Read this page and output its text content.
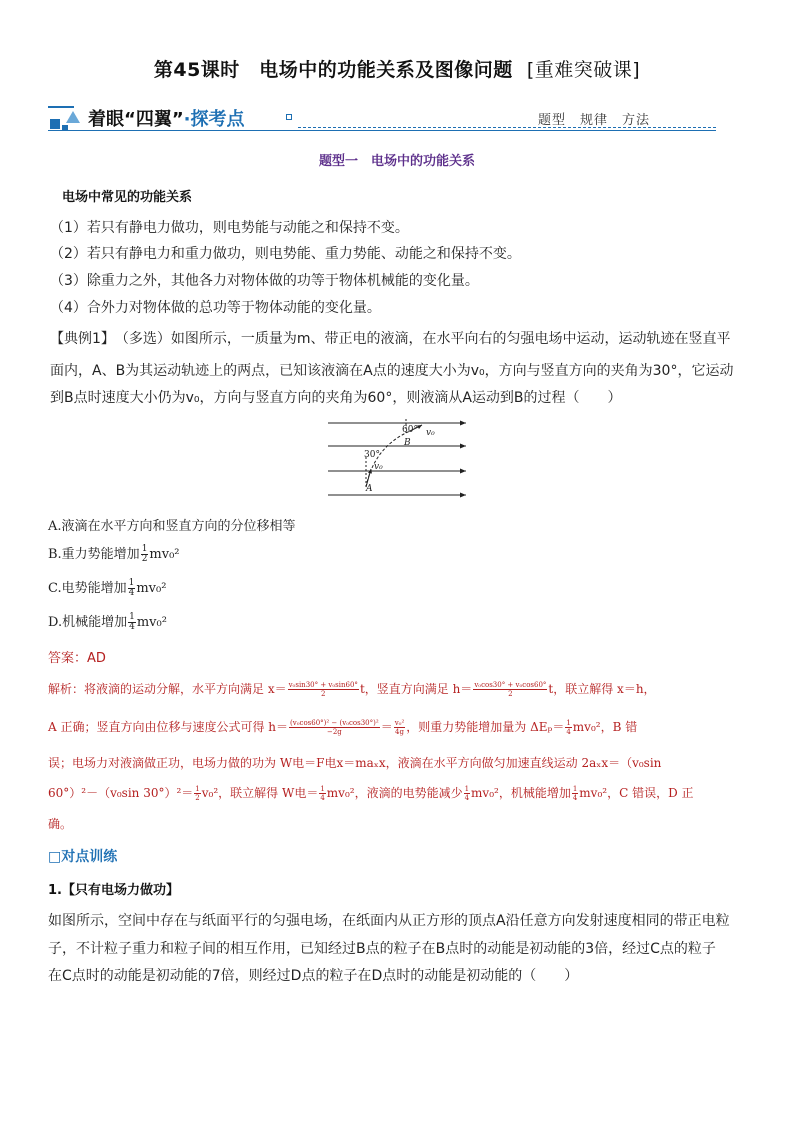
第45课时　电场中的功能关系及图像问题 [重难突破课]
着眼“四翼”·探考点	题型　规律　方法
题型一　电场中的功能关系
电场中常见的功能关系
（1）若只有静电力做功，则电势能与动能之和保持不变。
（2）若只有静电力和重力做功，则电势能、重力势能、动能之和保持不变。
（3）除重力之外，其他各力对物体做的功等于物体机械能的变化量。
（4）合外力对物体做的总功等于物体动能的变化量。
【典例1】　（多选）如图所示，一质量为m、带正电的液滴，在水平向右的匀强电场中运动，运动轨迹在竖直平
面内，A、B为其运动轨迹上的两点，已知该液滴在A点的速度大小为v₀，方向与竖直方向的夹角为30°，它运动
到B点时速度大小仍为v₀，方向与竖直方向的夹角为60°，则液滴从A运动到B的过程（　　）
60°
B
v₀
30°
v₀
A
A.液滴在水平方向和竖直方向的分位移相等
B.重力势能增加 $\frac{1}{2} mv_0^2$
C.电势能增加 $\frac{1}{4} mv_0^2$
D.机械能增加 $\frac{1}{4} mv_0^2$
答案：AD
解析：将液滴的运动分解，水平方向满足 $x= \frac{\text{v₀sin30° + v₀sin60°}}{2}$ t，竖直方向满足 $h= \frac{\text{v₀cos30° + v₀cos60°}}{2}$ t，联立解得 x＝h，
A 正确；竖直方向由位移与速度公式可得 $h= \frac{\text{(v₀cos60°)² − (v₀cos30°)²}}{-2g} = \frac{\text{v₀²}}{4g}$ ，则重力势能增加量为 $\Delta E_p= \frac{1}{4} mv_0^2$，B 错
误；电场力对液滴做正功，电场力做的功为 W电＝F电x＝maₓx，液滴在水平方向做匀加速直线运动 2aₓx＝（v₀sin
60°）²－（v₀sin $30^\circ)^2= \frac{1}{2} v_0^2$，联立解得 W电＝ $\frac{1}{4} mv_0^2$，液滴的电势能减少 $\frac{1}{4} mv_0^2$，机械能增加 $\frac{1}{4} mv_0^2$，C 错误，D 正
确。
□对点训练
1.【只有电场力做功】
如图所示，空间中存在与纸面平行的匀强电场，在纸面内从正方形的顶点A沿任意方向发射速度相同的带正电粒
子，不计粒子重力和粒子间的相互作用，已知经过B点的粒子在B点时的动能是初动能的3倍，经过C点的粒子
在C点时的动能是初动能的7倍，则经过D点的粒子在D点时的动能是初动能的（　　）
